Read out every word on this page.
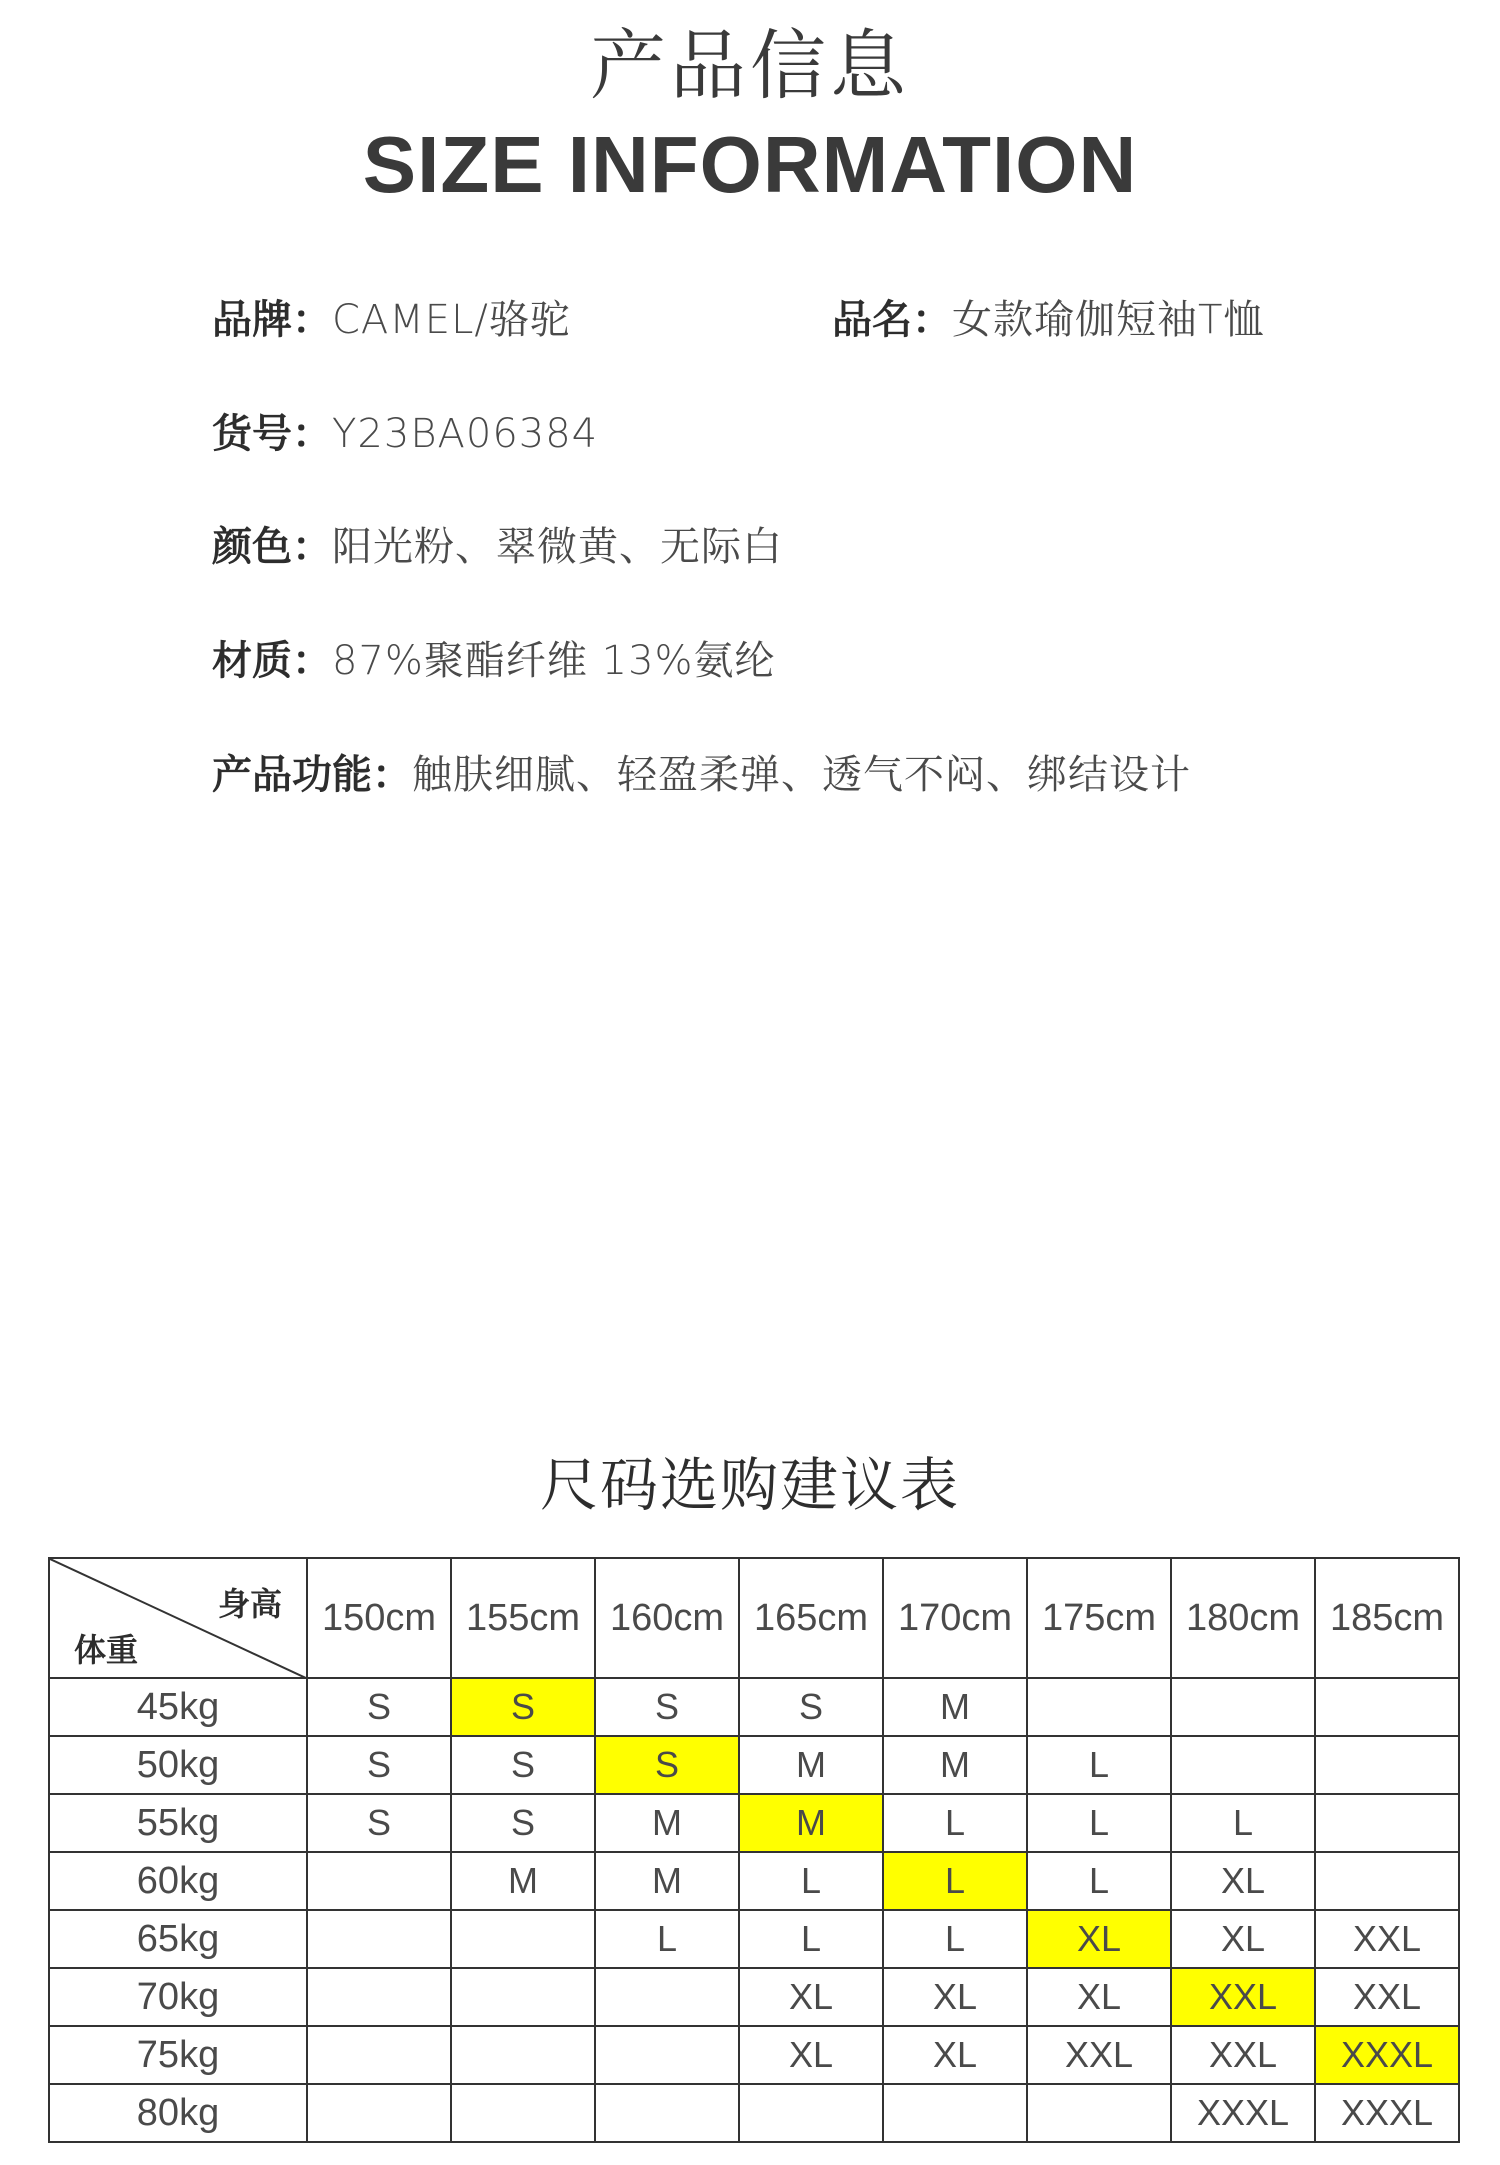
产品信息
SIZE INFORMATION
品牌：CAMEL/骆驼	品名：女款瑜伽短袖T恤
货号：Y23BA06384
颜色：阳光粉、翠微黄、无际白
材质：87%聚酯纤维 13%氨纶
产品功能：触肤细腻、轻盈柔弹、透气不闷、绑结设计
尺码选购建议表
身高
体重	150cm	155cm	160cm	165cm	170cm	175cm	180cm	185cm
45kg	S	S	S	S	M			
50kg	S	S	S	M	M	L		
55kg	S	S	M	M	L	L	L	
60kg		M	M	L	L	L	XL	
65kg			L	L	L	XL	XL	XXL
70kg				XL	XL	XL	XXL	XXL
75kg				XL	XL	XXL	XXL	XXXL
80kg							XXXL	XXXL
